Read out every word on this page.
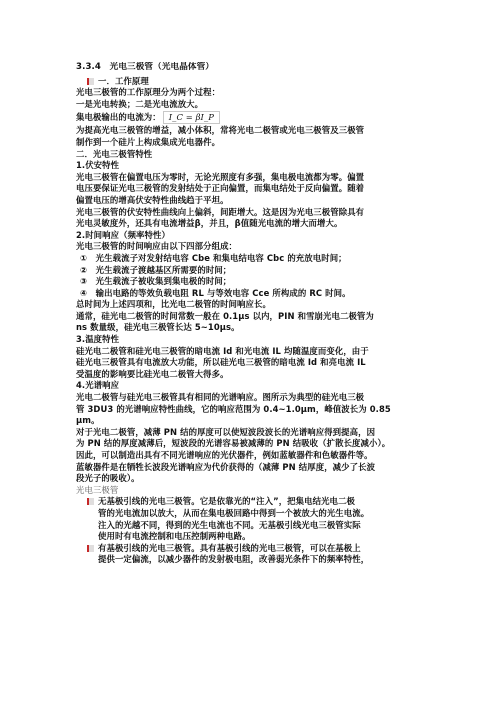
3.3.4　光电三极管（光电晶体管）
一．工作原理
光电三极管的工作原理分为两个过程：
一是光电转换；二是光电流放大。
集电极输出的电流为： I_C = βI_P
为提高光电三极管的增益，减小体积，常将光电二极管或光电三极管及三极管
制作到一个硅片上构成集成光电器件。
二．光电三极管特性
1.伏安特性
光电三极管在偏置电压为零时，无论光照度有多强，集电极电流都为零。偏置
电压要保证光电三极管的发射结处于正向偏置，而集电结处于反向偏置。随着
偏置电压的增高伏安特性曲线趋于平坦。
光电三极管的伏安特性曲线向上偏斜，间距增大。这是因为光电三极管除具有
光电灵敏度外，还具有电流增益β，并且，β值随光电流的增大而增大。
2.时间响应（频率特性）
光电三极管的时间响应由以下四部分组成：
①　光生载流子对发射结电容 Cbe 和集电结电容 Cbc 的充放电时间；
②　光生载流子渡越基区所需要的时间；
③　光生载流子被收集到集电极的时间；
④　输出电路的等效负载电阻 RL 与等效电容 Cce 所构成的 RC 时间。
总时间为上述四项和，比光电二极管的时间响应长。
通常，硅光电二极管的时间常数一般在 0.1μs 以内，PIN 和雪崩光电二极管为
ns 数量级，硅光电三极管长达 5~10μs。
3.温度特性
硅光电二极管和硅光电三极管的暗电流 Id 和光电流 IL 均随温度而变化，由于
硅光电三极管具有电流放大功能，所以硅光电三极管的暗电流 Id 和亮电流 IL
受温度的影响要比硅光电二极管大得多。
4.光谱响应
光电二极管与硅光电三极管具有相同的光谱响应。图所示为典型的硅光电三极
管 3DU3 的光谱响应特性曲线，它的响应范围为 0.4~1.0μm，峰值波长为 0.85
μm。
对于光电二极管，减薄 PN 结的厚度可以使短波段波长的光谱响应得到提高，因
为 PN 结的厚度减薄后，短波段的光谱容易被减薄的 PN 结吸收（扩散长度减小）。
因此，可以制造出具有不同光谱响应的光伏器件，例如蓝敏器件和色敏器件等。
蓝敏器件是在牺牲长波段光谱响应为代价获得的（减薄 PN 结厚度，减少了长波
段光子的吸收）。
光电三极管
无基极引线的光电三极管。它是依靠光的“注入”，把集电结光电二极
管的光电流加以放大，从而在集电极回路中得到一个被放大的光生电流。
注入的光越不同，得到的光生电流也不同。无基极引线光电三极管实际
使用时有电流控制和电压控制两种电路。
有基极引线的光电三极管。具有基极引线的光电三极管，可以在基极上
提供一定偏流，以减少器件的发射极电阻，改善弱光条件下的频率特性，
